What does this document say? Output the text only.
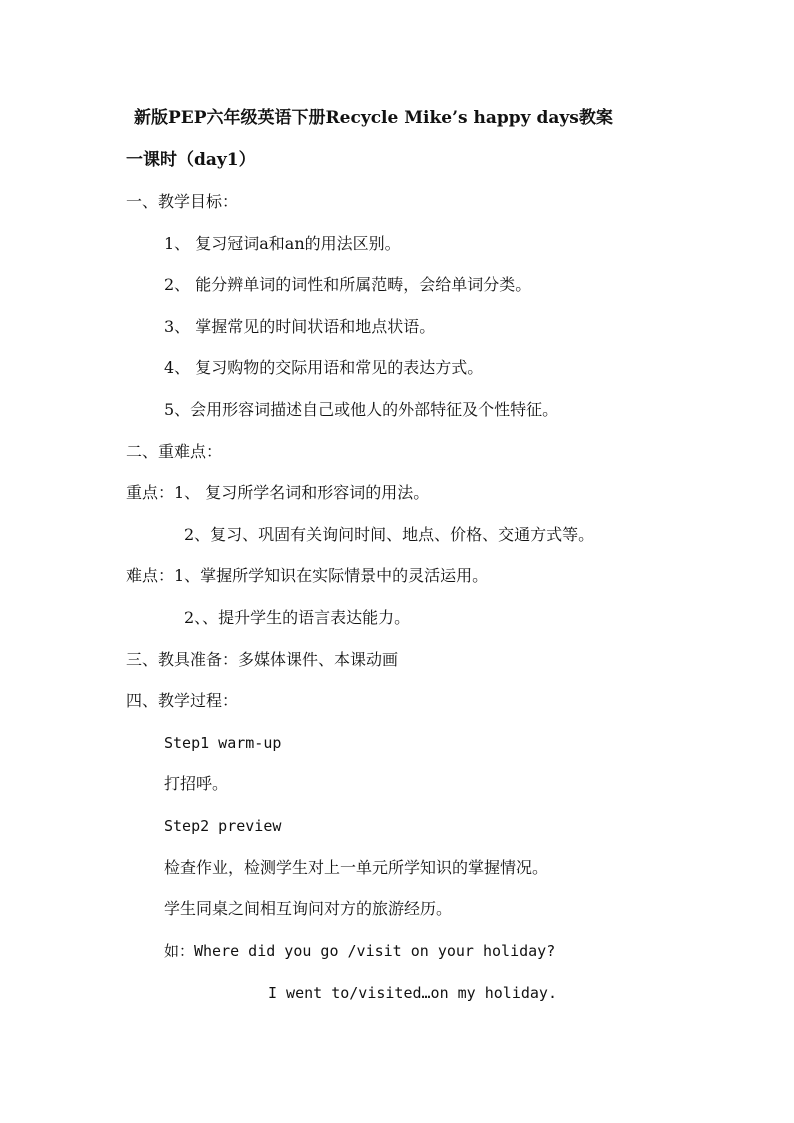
新版PEP六年级英语下册Recycle Mike’s happy days教案
一课时（day1）
一、教学目标：
1、 复习冠词a和an的用法区别。
2、 能分辨单词的词性和所属范畴，会给单词分类。
3、 掌握常见的时间状语和地点状语。
4、 复习购物的交际用语和常见的表达方式。
5、会用形容词描述自己或他人的外部特征及个性特征。
二、重难点：
重点：1、 复习所学名词和形容词的用法。
2、复习、巩固有关询问时间、地点、价格、交通方式等。
难点：1、掌握所学知识在实际情景中的灵活运用。
2、、提升学生的语言表达能力。
三、教具准备：多媒体课件、本课动画
四、教学过程：
Step1 warm-up
打招呼。
Step2 preview
检查作业，检测学生对上一单元所学知识的掌握情况。
学生同桌之间相互询问对方的旅游经历。
如：Where did you go /visit on your holiday?
I went to/visited…on my holiday.
